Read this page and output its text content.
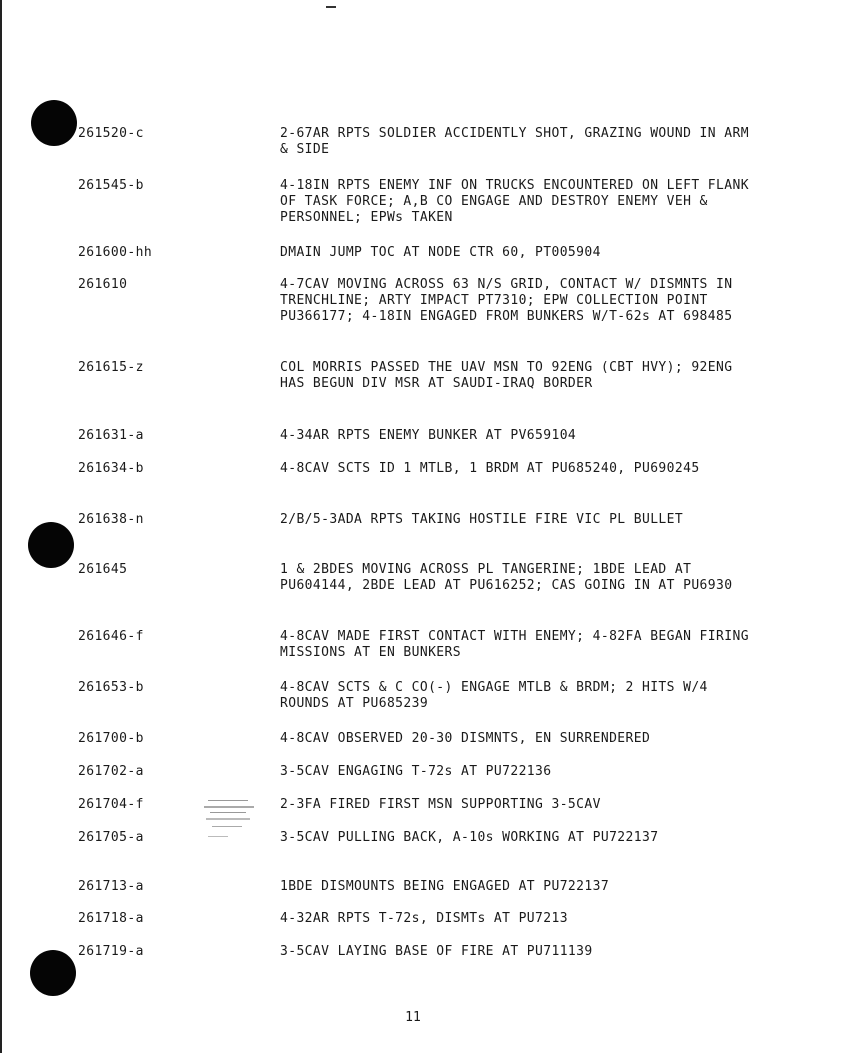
261520-c	2-67AR RPTS SOLDIER ACCIDENTLY SHOT, GRAZING WOUND IN ARM & SIDE
261545-b	4-18IN RPTS ENEMY INF ON TRUCKS ENCOUNTERED ON LEFT FLANK OF TASK FORCE; A,B CO ENGAGE AND DESTROY ENEMY VEH & PERSONNEL; EPWs TAKEN
261600-hh	DMAIN JUMP TOC AT NODE CTR 60, PT005904
261610	4-7CAV MOVING ACROSS 63 N/S GRID, CONTACT W/ DISMNTS IN TRENCHLINE; ARTY IMPACT PT7310; EPW COLLECTION POINT PU366177; 4-18IN ENGAGED FROM BUNKERS W/T-62s AT 698485
261615-z	COL MORRIS PASSED THE UAV MSN TO 92ENG (CBT HVY); 92ENG HAS BEGUN DIV MSR AT SAUDI-IRAQ BORDER
261631-a	4-34AR RPTS ENEMY BUNKER AT PV659104
261634-b	4-8CAV SCTS ID 1 MTLB, 1 BRDM AT PU685240, PU690245
261638-n	2/B/5-3ADA RPTS TAKING HOSTILE FIRE VIC PL BULLET
261645	1 & 2BDES MOVING ACROSS PL TANGERINE; 1BDE LEAD AT PU604144, 2BDE LEAD AT PU616252; CAS GOING IN AT PU6930
261646-f	4-8CAV MADE FIRST CONTACT WITH ENEMY; 4-82FA BEGAN FIRING MISSIONS AT EN BUNKERS
261653-b	4-8CAV SCTS & C CO(-) ENGAGE MTLB & BRDM; 2 HITS W/4 ROUNDS AT PU685239
261700-b	4-8CAV OBSERVED 20-30 DISMNTS, EN SURRENDERED
261702-a	3-5CAV ENGAGING T-72s AT PU722136
261704-f	2-3FA FIRED FIRST MSN SUPPORTING 3-5CAV
261705-a	3-5CAV PULLING BACK, A-10s WORKING AT PU722137
261713-a	1BDE DISMOUNTS BEING ENGAGED AT PU722137
261718-a	4-32AR RPTS T-72s, DISMTs AT PU7213
261719-a	3-5CAV LAYING BASE OF FIRE AT PU711139
11
